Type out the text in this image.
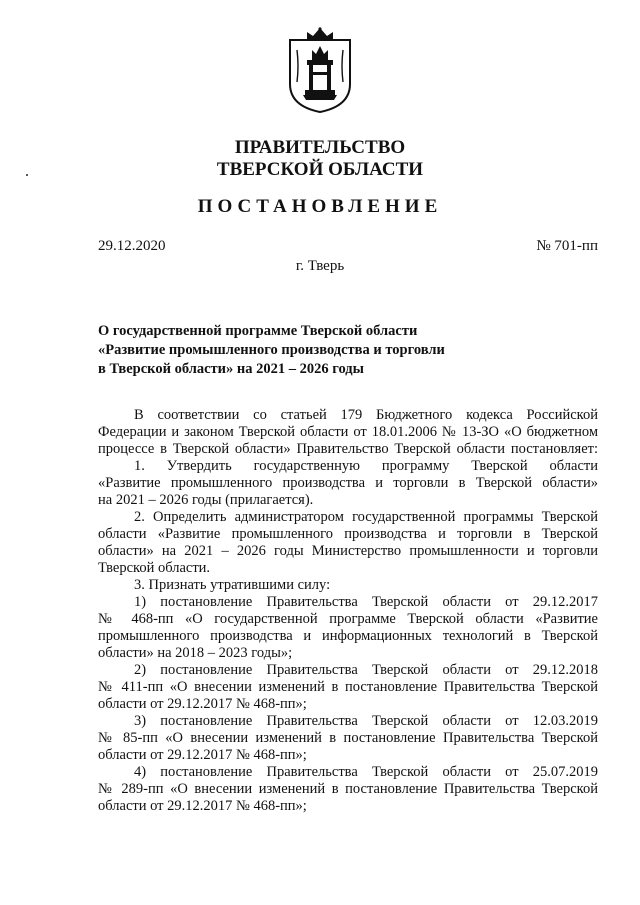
ПРАВИТЕЛЬСТВО
ТВЕРСКОЙ ОБЛАСТИ
ПОСТАНОВЛЕНИЕ
29.12.2020	№ 701-пп
г. Тверь
О государственной программе Тверской области
«Развитие промышленного производства и торговли
в Тверской области» на 2021 – 2026 годы
В соответствии со статьей 179 Бюджетного кодекса Российской
Федерации и законом Тверской области от 18.01.2006 № 13-ЗО «О бюджетном
процессе в Тверской области» Правительство Тверской области постановляет:
1. Утвердить государственную программу Тверской области
«Развитие промышленного производства и торговли в Тверской области»
на 2021 – 2026 годы (прилагается).
2. Определить администратором государственной программы Тверской
области «Развитие промышленного производства и торговли в Тверской
области» на 2021 – 2026 годы Министерство промышленности и торговли
Тверской области.
3. Признать утратившими силу:
1) постановление Правительства Тверской области от 29.12.2017
№ 468-пп «О государственной программе Тверской области «Развитие
промышленного производства и информационных технологий в Тверской
области» на 2018 – 2023 годы»;
2) постановление Правительства Тверской области от 29.12.2018
№ 411-пп «О внесении изменений в постановление Правительства Тверской
области от 29.12.2017 № 468-пп»;
3) постановление Правительства Тверской области от 12.03.2019
№ 85-пп «О внесении изменений в постановление Правительства Тверской
области от 29.12.2017 № 468-пп»;
4) постановление Правительства Тверской области от 25.07.2019
№ 289-пп «О внесении изменений в постановление Правительства Тверской
области от 29.12.2017 № 468-пп»;
